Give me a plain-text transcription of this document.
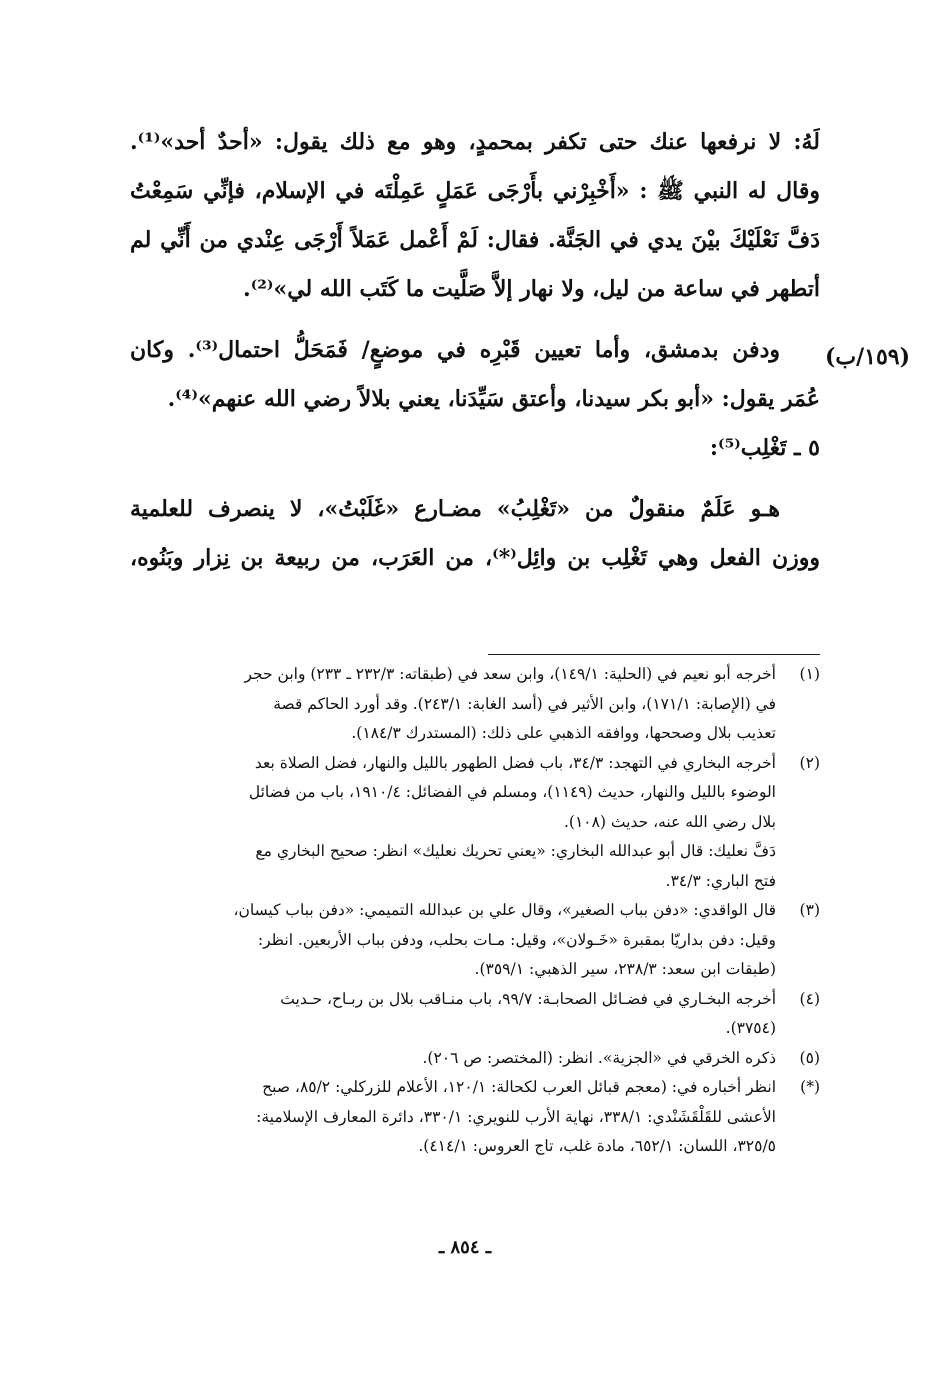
(١٥٩/ب)
لَهُ: لا نرفعها عنك حتى تكفر بمحمدٍ، وهو مع ذلك يقول: «أحدٌ أحد»⁽¹⁾.
وقال له النبي ﷺ : «أَخْبِرْني بأَرْجَى عَمَلٍ عَمِلْتَه في الإسلام، فإنِّي سَمِعْتُ
دَفَّ نَعْلَيْكَ بيْنَ يدي في الجَنَّة. فقال: لَمْ أَعْمل عَمَلاً أَرْجَى عِنْدي من أَنِّي لم
أتطهر في ساعة من ليل، ولا نهار إلاَّ صَلَّيت ما كَتَب الله لي»⁽²⁾.
ودفن بدمشق، وأما تعيين قَبْرِه في موضعٍ/ فَمَحَلُّ احتمال⁽³⁾. وكان
عُمَر يقول: «أبو بكر سيدنا، وأعتق سَيِّدَنا، يعني بلالاً رضي الله عنهم»⁽⁴⁾.
٥ ـ تَغْلِب⁽⁵⁾:
هـو عَلَمٌ منقولٌ من «تَغْلِبُ» مضـارع «غَلَبْتُ»، لا ينصرف للعلمية
ووزن الفعل وهي تَغْلِب بن وائِل⁽*⁾، من العَرَب، من ربيعة بن نِزار وبَنُوه،
(١)
أخرجه أبو نعيم في (الحلية: ١٤٩/١)، وابن سعد في (طبقاته: ٢٣٢/٣ ـ ٢٣٣) وابن حجر
في (الإصابة: ١٧١/١)، وابن الأثير في (أسد الغابة: ٢٤٣/١). وقد أورد الحاكم قصة
تعذيب بلال وصححها، ووافقه الذهبي على ذلك: (المستدرك ١٨٤/٣).
(٢)
أخرجه البخاري في التهجد: ٣٤/٣، باب فضل الطهور بالليل والنهار، فضل الصلاة بعد
الوضوء بالليل والنهار، حديث (١١٤٩)، ومسلم في الفضائل: ١٩١٠/٤، باب من فضائل
بلال رضي الله عنه، حديث (١٠٨).
دَفَّ نعليك: قال أبو عبدالله البخاري: «يعني تحريك نعليك» انظر: صحيح البخاري مع
فتح الباري: ٣٤/٣.
(٣)
قال الواقدي: «دفن بباب الصغير»، وقال علي بن عبدالله التميمي: «دفن بباب كيسان،
وقيل: دفن بداريّا بمقبرة «خَـولان»، وقيل: مـات بحلب، ودفن بباب الأربعين. انظر:
(طبقات ابن سعد: ٢٣٨/٣، سير الذهبي: ٣٥٩/١).
(٤)
أخرجه البخـاري في فضـائل الصحابـة: ٩٩/٧، باب منـاقب بلال بن ربـاح، حـديث
(٣٧٥٤).
(٥)
ذكره الخرقي في «الجزية». انظر: (المختصر: ص ٢٠٦).
(*)
انظر أخباره في: (معجم قبائل العرب لكحالة: ١٢٠/١، الأعلام للزركلي: ٨٥/٢، صبح
الأعشى للقَلْقَشَنْدي: ٣٣٨/١، نهاية الأرب للنويري: ٣٣٠/١، دائرة المعارف الإسلامية:
٣٢٥/٥، اللسان: ٦٥٢/١، مادة غلب، تاج العروس: ٤١٤/١).
ـ ٨٥٤ ـ
